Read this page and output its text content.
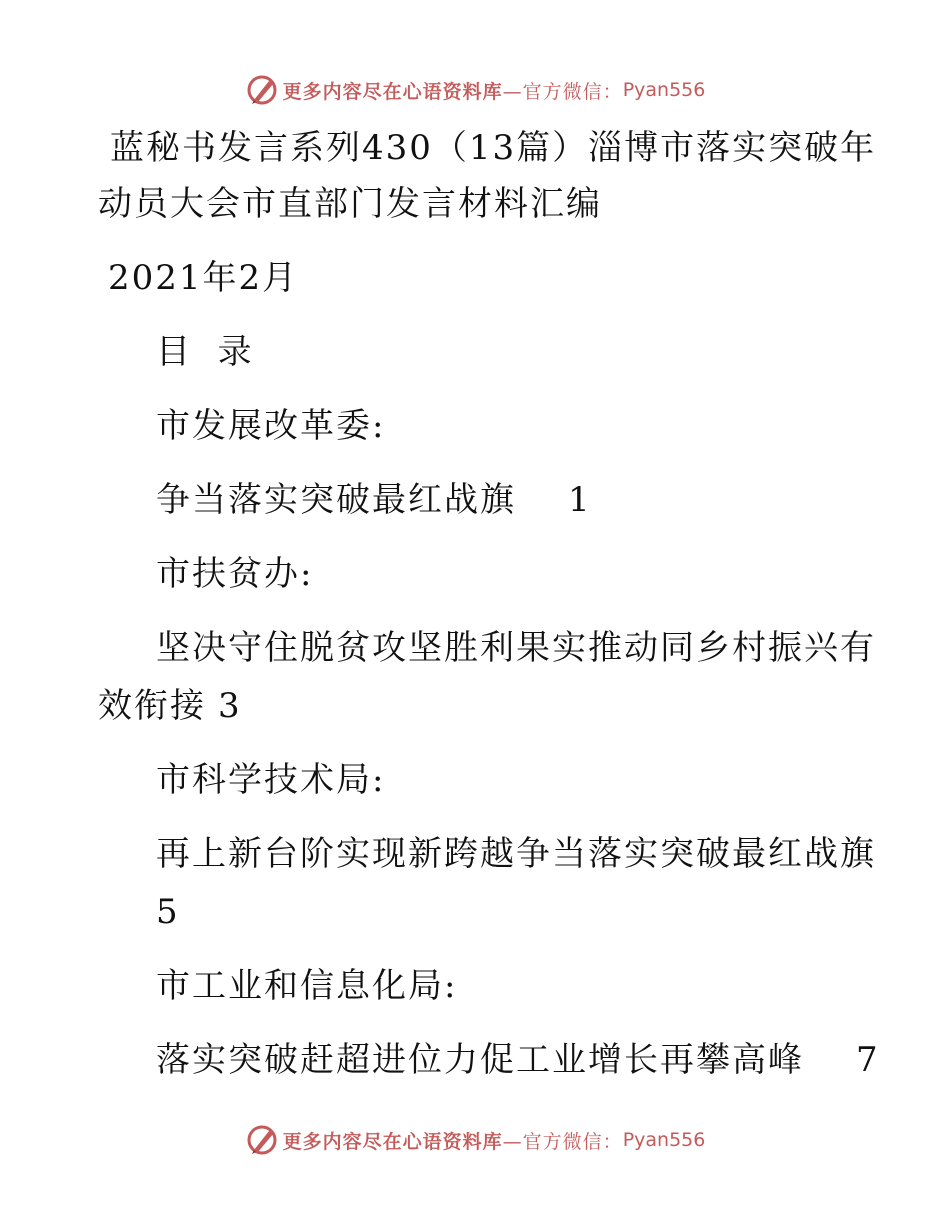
更多内容尽在心语资料库 —官方微信： Pyan556
蓝秘书发言系列430（13篇）淄博市落实突破年
动员大会市直部门发言材料汇编
2021年2月
目  录
市发展改革委:
争当落实突破最红战旗 1
市扶贫办:
坚决守住脱贫攻坚胜利果实推动同乡村振兴有
效衔接 3
市科学技术局:
再上新台阶实现新跨越争当落实突破最红战旗
5
市工业和信息化局:
落实突破赶超进位力促工业增长再攀高峰 7
更多内容尽在心语资料库 —官方微信： Pyan556
